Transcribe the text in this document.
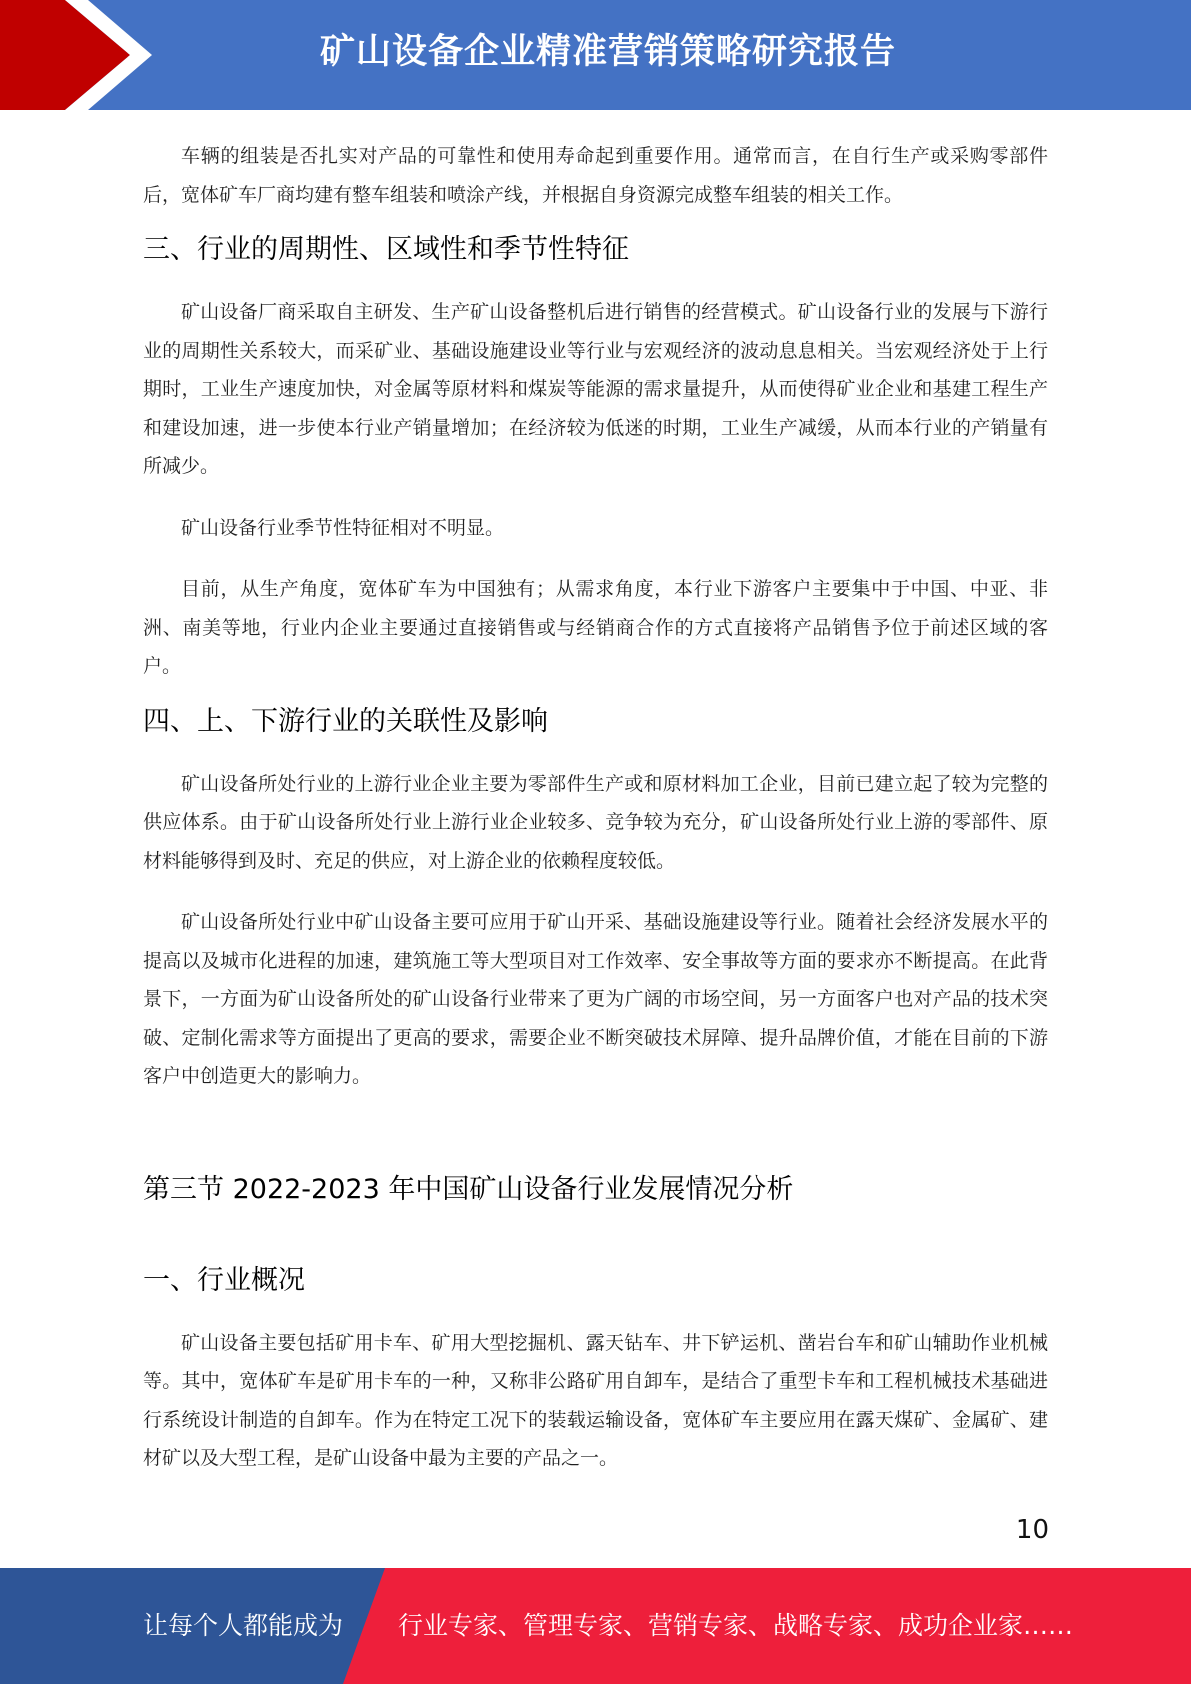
矿山设备企业精准营销策略研究报告

车辆的组装是否扎实对产品的可靠性和使用寿命起到重要作用。通常而言，在自行生产或采购零部件后，宽体矿车厂商均建有整车组装和喷涂产线，并根据自身资源完成整车组装的相关工作。

三、行业的周期性、区域性和季节性特征

矿山设备厂商采取自主研发、生产矿山设备整机后进行销售的经营模式。矿山设备行业的发展与下游行业的周期性关系较大，而采矿业、基础设施建设业等行业与宏观经济的波动息息相关。当宏观经济处于上行期时，工业生产速度加快，对金属等原材料和煤炭等能源的需求量提升，从而使得矿业企业和基建工程生产和建设加速，进一步使本行业产销量增加；在经济较为低迷的时期，工业生产减缓，从而本行业的产销量有所减少。

矿山设备行业季节性特征相对不明显。

目前，从生产角度，宽体矿车为中国独有；从需求角度，本行业下游客户主要集中于中国、中亚、非洲、南美等地，行业内企业主要通过直接销售或与经销商合作的方式直接将产品销售予位于前述区域的客户。

四、上、下游行业的关联性及影响

矿山设备所处行业的上游行业企业主要为零部件生产或和原材料加工企业，目前已建立起了较为完整的供应体系。由于矿山设备所处行业上游行业企业较多、竞争较为充分，矿山设备所处行业上游的零部件、原材料能够得到及时、充足的供应，对上游企业的依赖程度较低。

矿山设备所处行业中矿山设备主要可应用于矿山开采、基础设施建设等行业。随着社会经济发展水平的提高以及城市化进程的加速，建筑施工等大型项目对工作效率、安全事故等方面的要求亦不断提高。在此背景下，一方面为矿山设备所处的矿山设备行业带来了更为广阔的市场空间，另一方面客户也对产品的技术突破、定制化需求等方面提出了更高的要求，需要企业不断突破技术屏障、提升品牌价值，才能在目前的下游客户中创造更大的影响力。

第三节 2022-2023 年中国矿山设备行业发展情况分析
一、行业概况

矿山设备主要包括矿用卡车、矿用大型挖掘机、露天钻车、井下铲运机、凿岩台车和矿山辅助作业机械等。其中，宽体矿车是矿用卡车的一种，又称非公路矿用自卸车，是结合了重型卡车和工程机械技术基础进行系统设计制造的自卸车。作为在特定工况下的装载运输设备，宽体矿车主要应用在露天煤矿、金属矿、建材矿以及大型工程，是矿山设备中最为主要的产品之一。

10
让每个人都能成为 行业专家、管理专家、营销专家、战略专家、成功企业家……
